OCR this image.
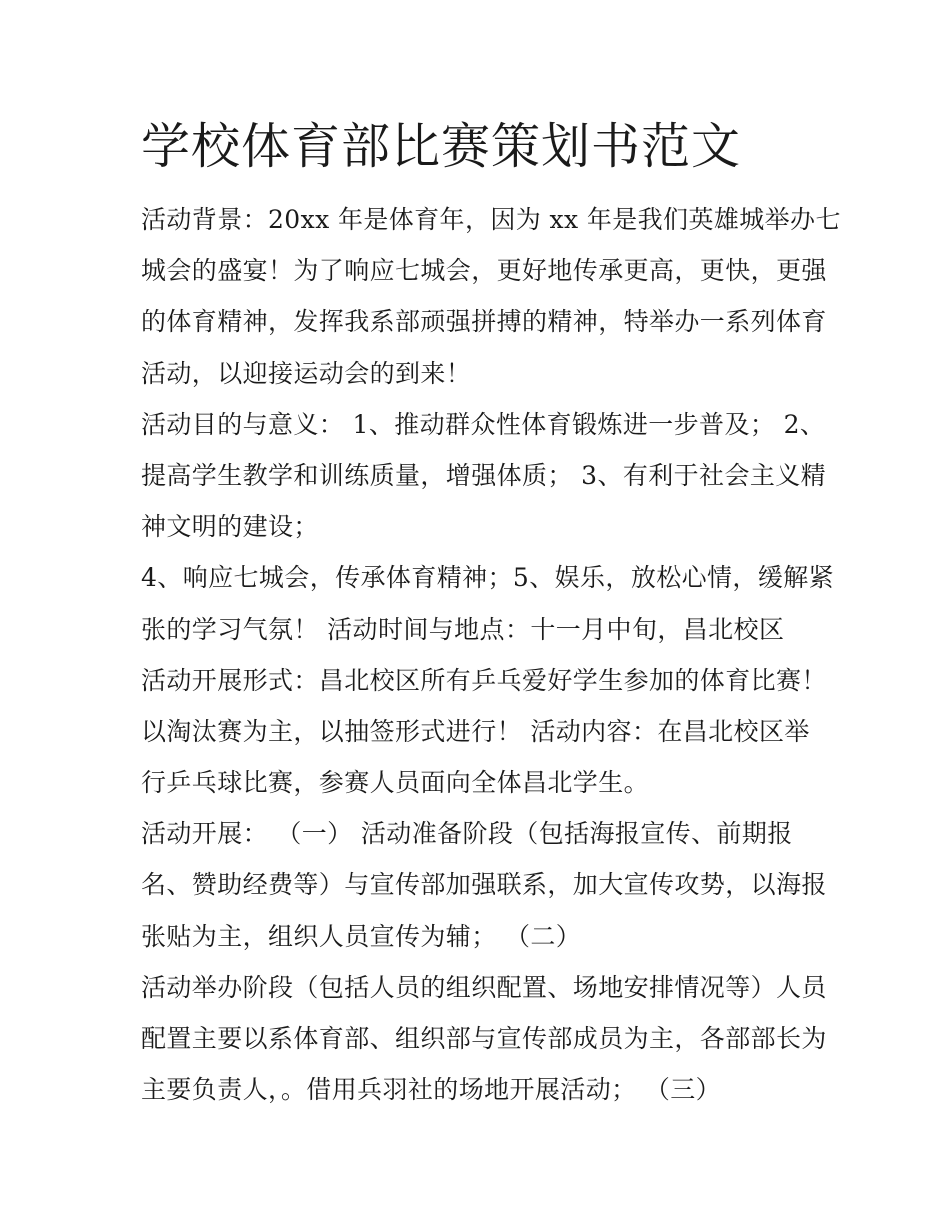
学校体育部比赛策划书范文
活动背景：20xx 年是体育年，因为 xx 年是我们英雄城举办七
城会的盛宴！为了响应七城会，更好地传承更高，更快，更强
的体育精神，发挥我系部顽强拼搏的精神，特举办一系列体育
活动，以迎接运动会的到来！
活动目的与意义： 1、推动群众性体育锻炼进一步普及； 2、
提高学生教学和训练质量，增强体质； 3、有利于社会主义精
神文明的建设；
4、响应七城会，传承体育精神；5、娱乐，放松心情，缓解紧
张的学习气氛！ 活动时间与地点：十一月中旬，昌北校区
活动开展形式：昌北校区所有乒乓爱好学生参加的体育比赛！
以淘汰赛为主，以抽签形式进行！ 活动内容：在昌北校区举
行乒乓球比赛，参赛人员面向全体昌北学生。
活动开展： （一） 活动准备阶段（包括海报宣传、前期报
名、赞助经费等）与宣传部加强联系，加大宣传攻势，以海报
张贴为主，组织人员宣传为辅； （二）
活动举办阶段（包括人员的组织配置、场地安排情况等）人员
配置主要以系体育部、组织部与宣传部成员为主，各部部长为
主要负责人，。借用兵羽社的场地开展活动； （三）
